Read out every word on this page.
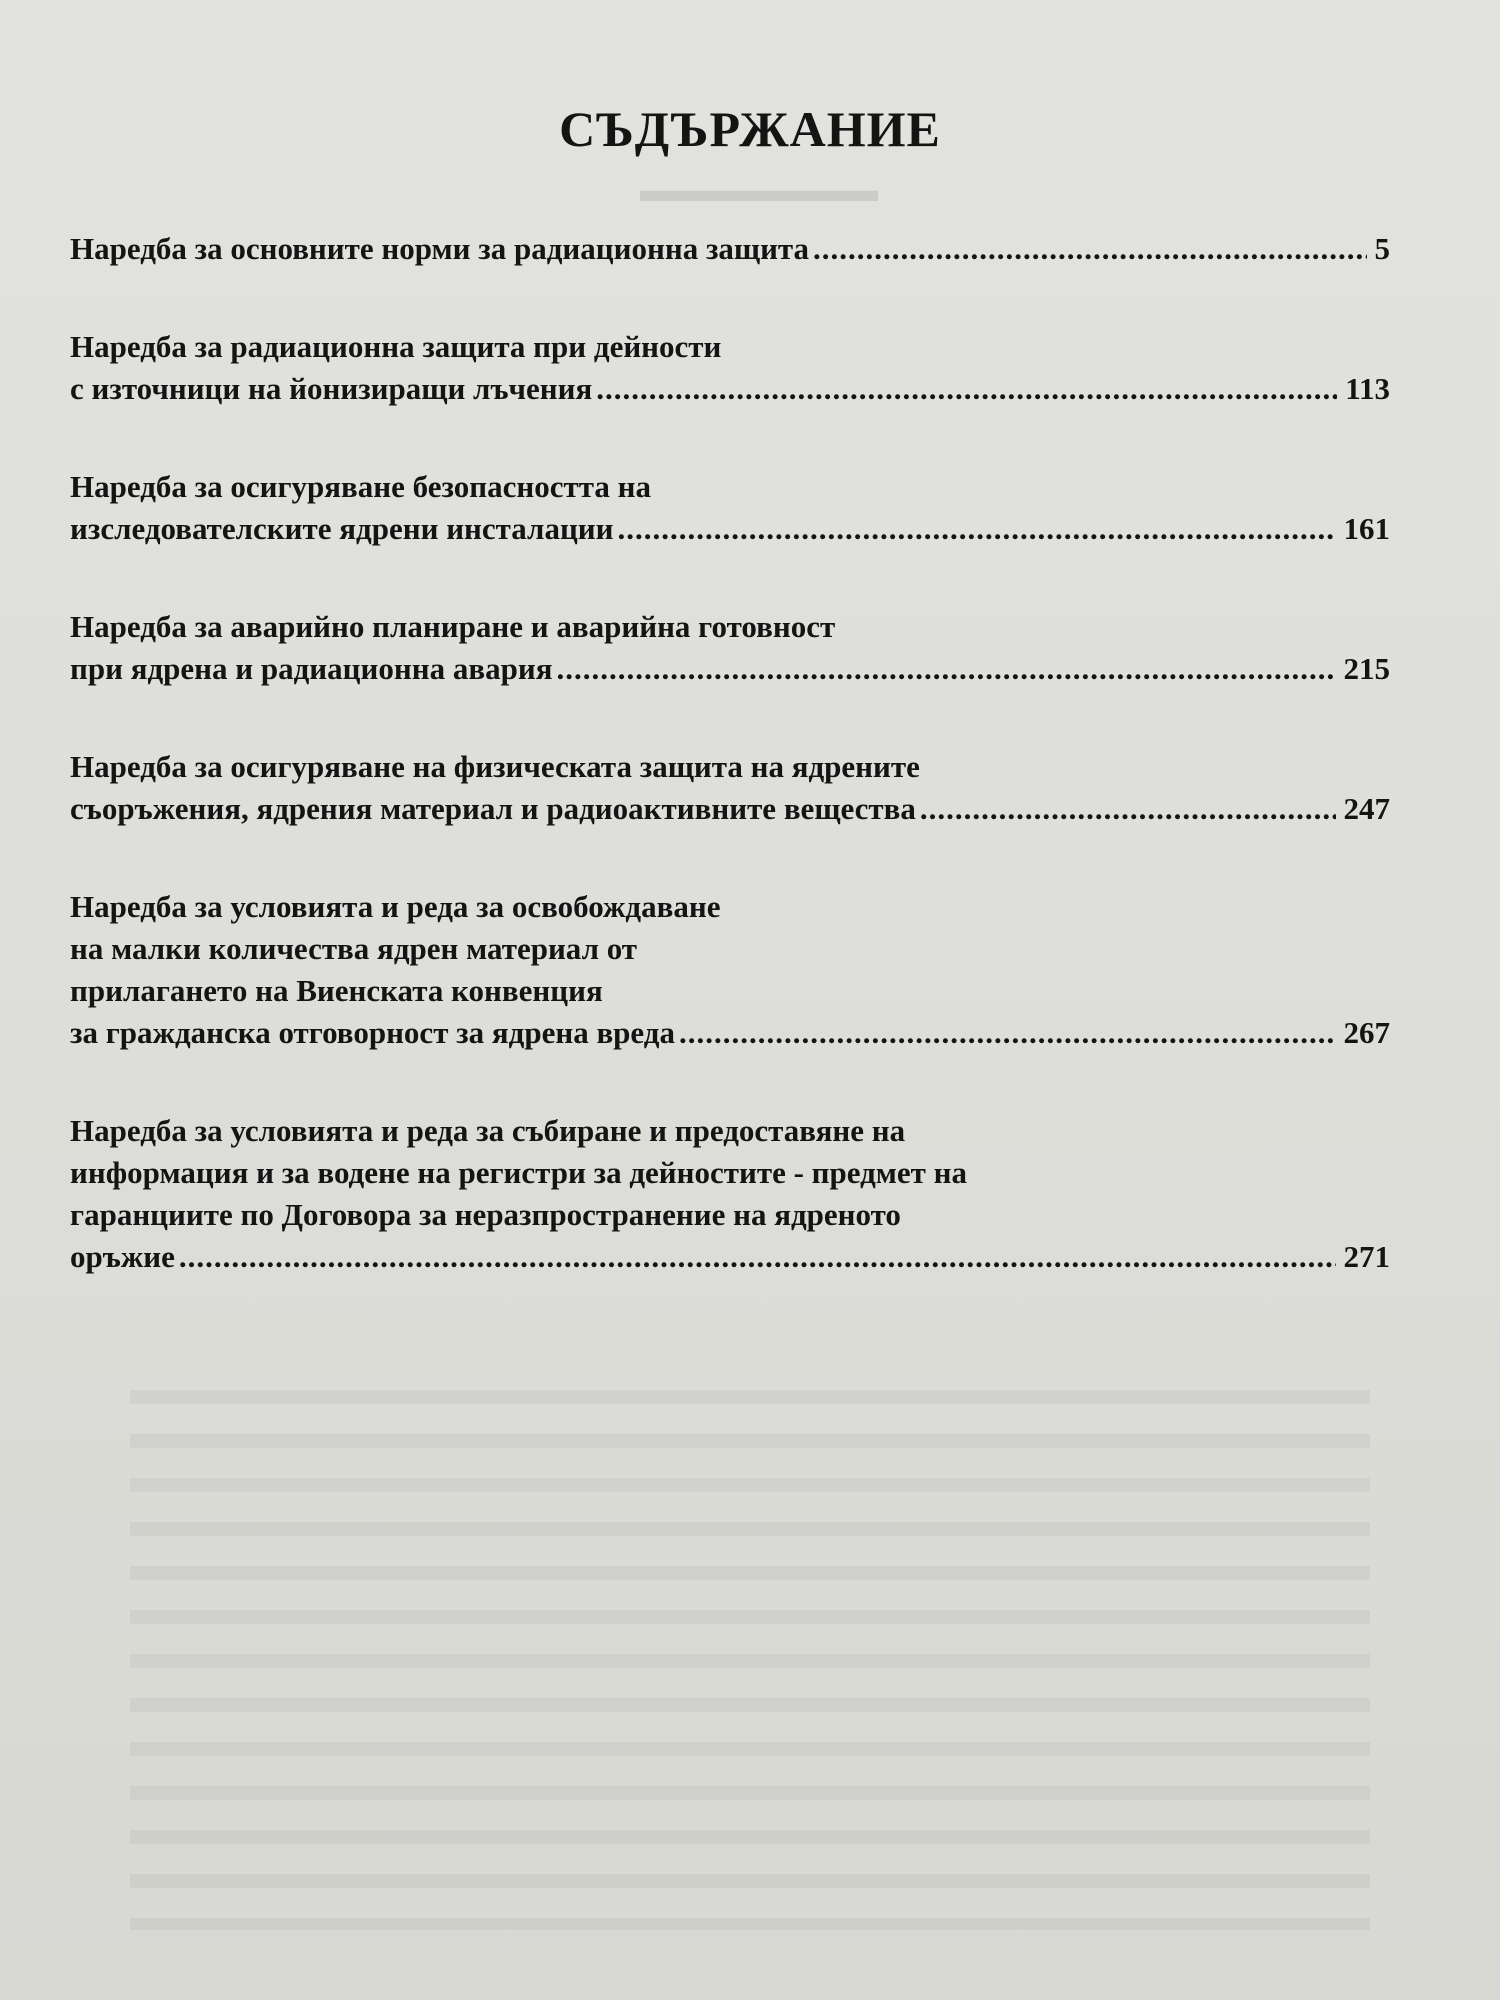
▬▬▬▬▬▬▬
СЪДЪРЖАНИЕ
Наредба за основните норми за радиационна защита .....	5
Наредба за радиационна защита при дейности
с източници на йонизиращи лъчения .....	113
Наредба за осигуряване безопасността на
изследователските ядрени инсталации .....	161
Наредба за аварийно планиране и аварийна готовност
при ядрена и радиационна авария .....	215
Наредба за осигуряване на физическата защита на ядрените
съоръжения, ядрения материал и радиоактивните вещества .....	247
Наредба за условията и реда за освобождаване
на малки количества ядрен материал от
прилагането на Виенската конвенция
за гражданска отговорност за ядрена вреда .....	267
Наредба за условията и реда за събиране и предоставяне на
информация и за водене на регистри за дейностите - предмет на
гаранциите по Договора за неразпространение на ядреното
оръжие .....	271
